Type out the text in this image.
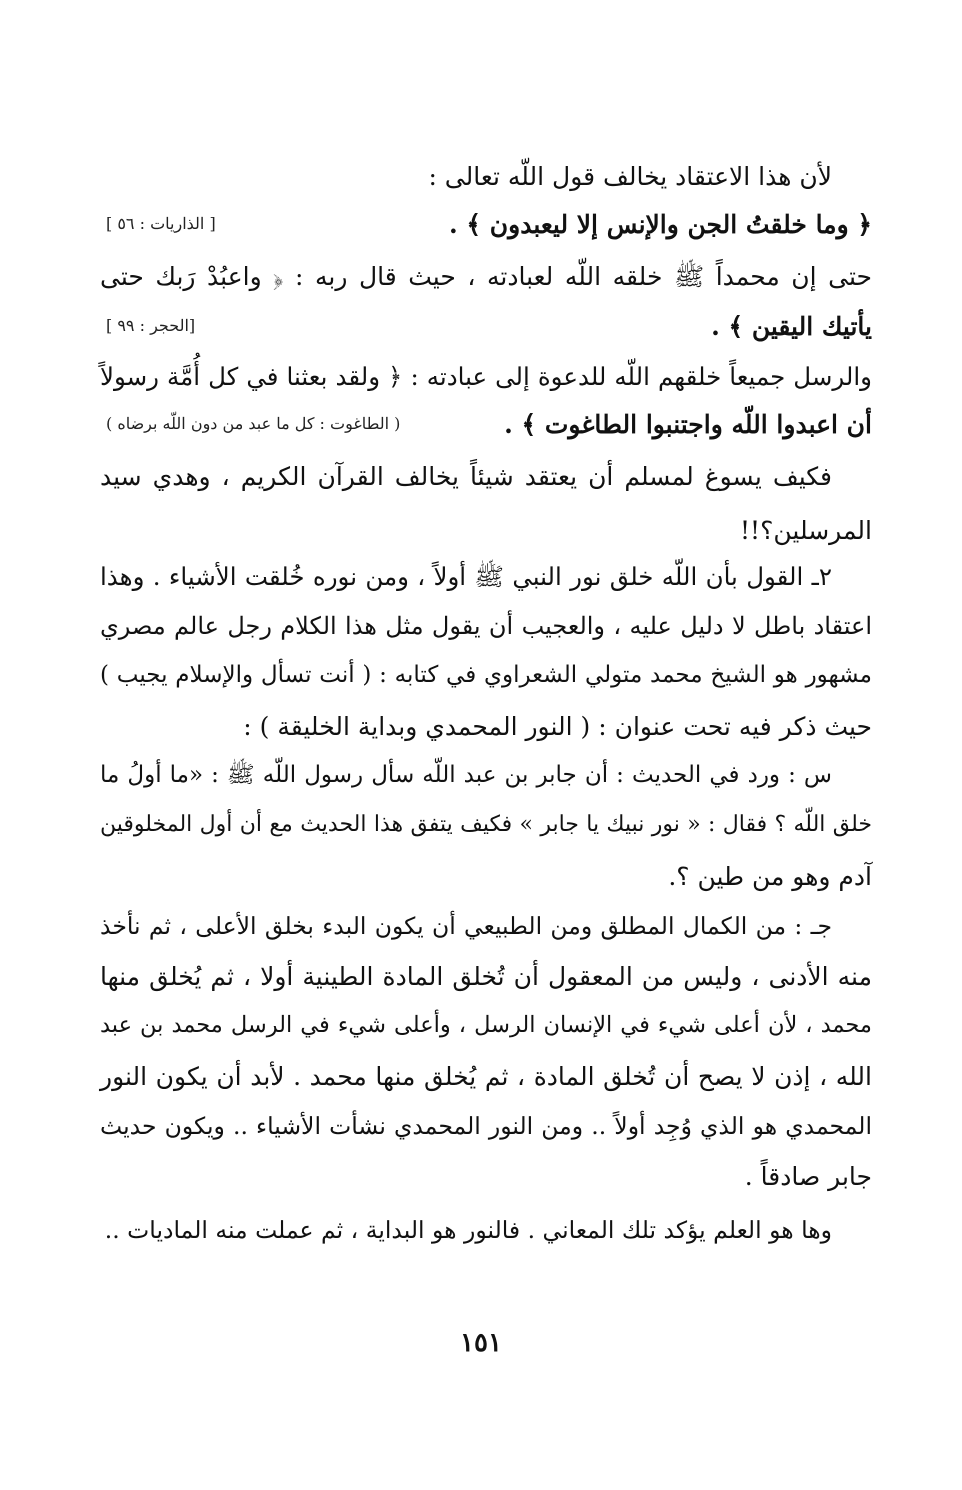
لأن هذا الاعتقاد يخالف قول اللّه تعالى :
﴿ وما خلقتُ الجن والإنس إلا ليعبدون ﴾ .
[ الذاريات : ٥٦ ]
حتى إن محمداً ﷺ خلقه اللّه لعبادته ، حيث قال ربه : ﴿ واعبُدْ رَبك حتى
يأتيك اليقين ﴾ .
[الحجر : ٩٩ ]
والرسل جميعاً خلقهم اللّه للدعوة إلى عبادته : ﴿ ولقد بعثنا في كل أُمَّة رسولاً
أن اعبدوا اللّه واجتنبوا الطاغوت ﴾ .
( الطاغوت : كل ما عبد من دون اللّه برضاه )
فكيف يسوغ لمسلم أن يعتقد شيئاً يخالف القرآن الكريم ، وهدي سيد
المرسلين؟!!
٢ـ القول بأن اللّه خلق نور النبي ﷺ أولاً ، ومن نوره خُلقت الأشياء . وهذا
اعتقاد باطل لا دليل عليه ، والعجيب أن يقول مثل هذا الكلام رجل عالم مصري
مشهور هو الشيخ محمد متولي الشعراوي في كتابه : ( أنت تسأل والإسلام يجيب )
حيث ذكر فيه تحت عنوان : ( النور المحمدي وبداية الخليقة ) :
س : ورد في الحديث : أن جابر بن عبد اللّه سأل رسول اللّه ﷺ : «ما أولُ ما
خلق اللّه ؟ فقال : « نور نبيك يا جابر » فكيف يتفق هذا الحديث مع أن أول المخلوقين
آدم وهو من طين ؟.
جـ : من الكمال المطلق ومن الطبيعي أن يكون البدء بخلق الأعلى ، ثم نأخذ
منه الأدنى ، وليس من المعقول أن تُخلق المادة الطينية أولا ، ثم يُخلق منها
محمد ، لأن أعلى شيء في الإنسان الرسل ، وأعلى شيء في الرسل محمد بن عبد
الله ، إذن لا يصح أن تُخلق المادة ، ثم يُخلق منها محمد . لأبد أن يكون النور
المحمدي هو الذي وُجِد أولاً .. ومن النور المحمدي نشأت الأشياء .. ويكون حديث
جابر صادقاً .
وها هو العلم يؤكد تلك المعاني . فالنور هو البداية ، ثم عملت منه الماديات ..
١٥١
